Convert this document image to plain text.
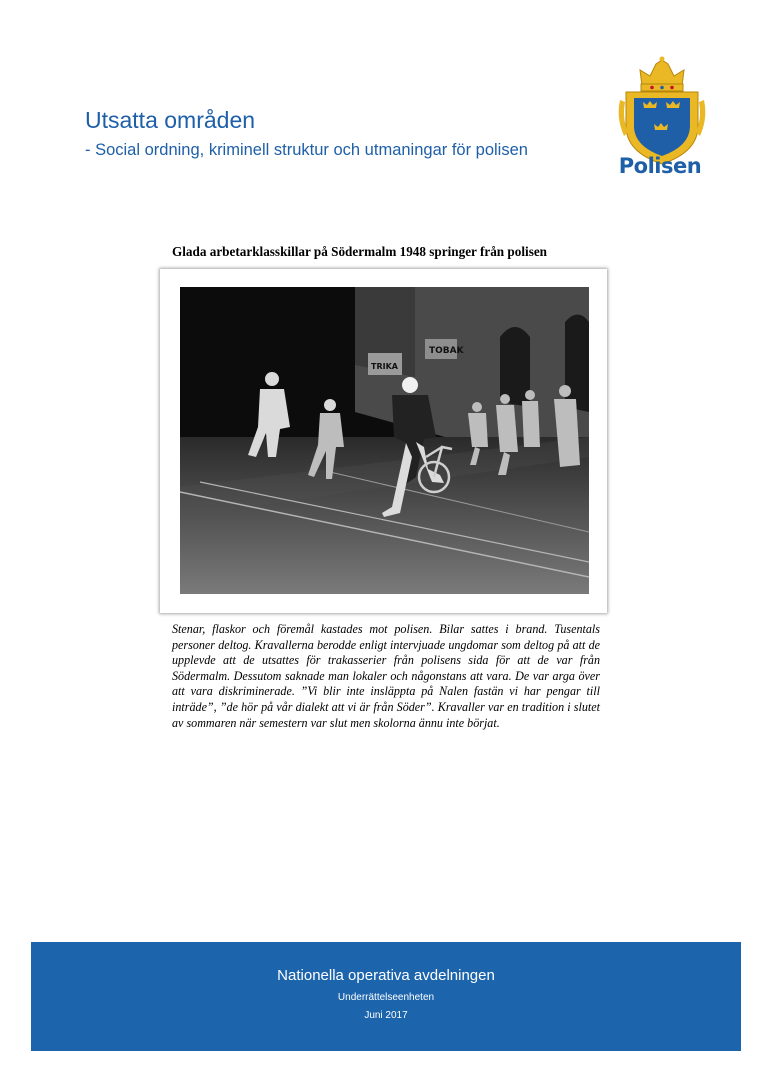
Utsatta områden

- Social ordning, kriminell struktur och utmaningar för polisen

Polisen
Glada arbetarklasskillar på Södermalm 1948 springer från polisen
TOBAK
TRIKA

Stenar, flaskor och föremål kastades mot polisen. Bilar sattes i brand. Tusentals personer deltog. Kravallerna berodde enligt intervjuade ungdomar som deltog på att de upplevde att de utsattes för trakasserier från polisens sida för att de var från Södermalm. Dessutom saknade man lokaler och någonstans att vara. De var arga över att vara diskriminerade. ”Vi blir inte insläppta på Nalen fastän vi har pengar till inträde”, ”de hör på vår dialekt att vi är från Söder”. Kravaller var en tradition i slutet av sommaren när semestern var slut men skolorna ännu inte börjat.

Nationella operativa avdelningen
Underrättelseenheten
Juni 2017
